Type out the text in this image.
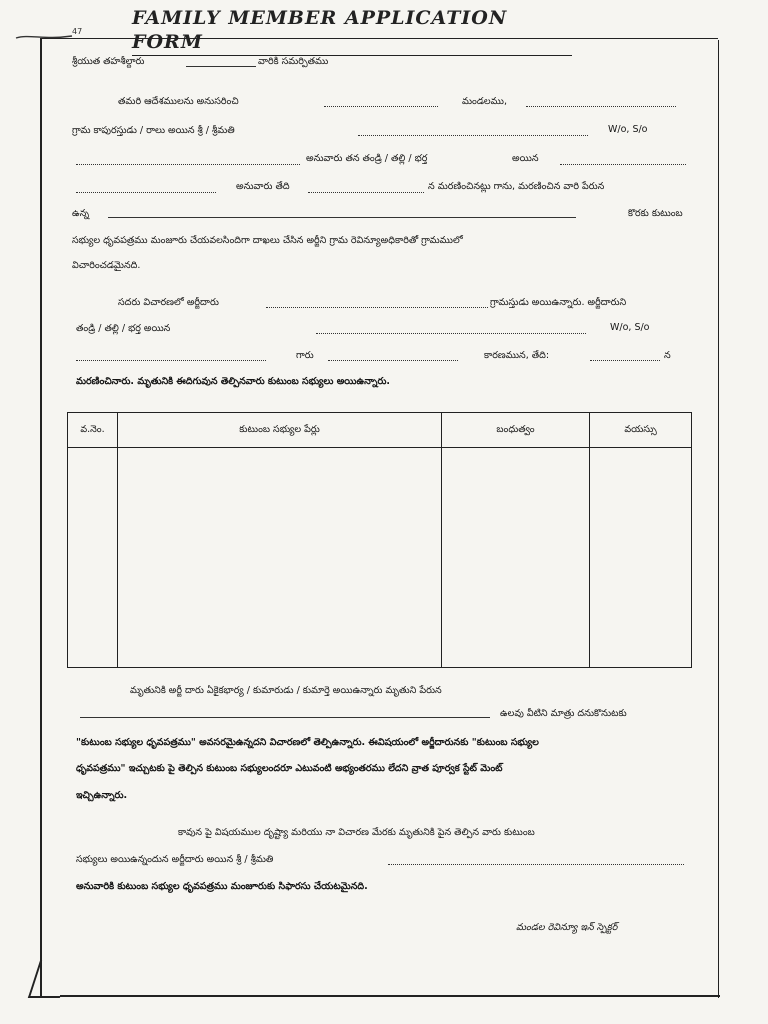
FAMILY MEMBER APPLICATION FORM
47
శ్రీయుత తహశీల్దారు	వారికి సమర్పితము
తమరి ఆదేశములను అనుసరించి	మండలము,
గ్రామ కాపురస్తుడు / రాలు అయిన శ్రీ / శ్రీమతి	W/o, S/o
అనువారు తన తండ్రి / తల్లి / భర్త	అయిన
అనువారు తేది	న మరణించినట్లు గాను, మరణించిన వారి పేరున
ఉన్న	కొరకు కుటుంబ
సభ్యుల ధృవపత్రము మంజూరు చేయవలసిందిగా దాఖలు చేసిన అర్జీని గ్రామ రెవిన్యూఅధికారితో గ్రామములో
విచారించడమైనది.
సదరు విచారణలో అర్జీదారు	గ్రామస్తుడు అయిఉన్నారు. అర్జీదారుని
తండ్రి / తల్లి / భర్త అయిన	W/o, S/o
గారు	కారణమున, తేది:	న
మరణించినారు. మృతునికి ఈదిగువున తెల్పినవారు కుటుంబ సభ్యులు అయిఉన్నారు.
వ.నెం.	కుటుంబ సభ్యుల పేర్లు	బంధుత్వం	వయస్సు

మృతునికి అర్జీ దారు ఏకైకభార్య / కుమారుడు / కుమార్తె అయిఉన్నారు మృతుని పేరున
ఉలవు వీటిని మాత్రు దనుకొనుటకు
"కుటుంబ సభ్యుల ధృవపత్రము" అవసరమైఉన్నదని విచారణలో తెల్పిఉన్నారు. ఈవిషయంలో అర్జీదారునకు "కుటుంబ సభ్యుల
ధృవపత్రము" ఇచ్చుటకు పై తెల్పిన కుటుంబ సభ్యులందరూ ఎటువంటి అభ్యంతరము లేదని వ్రాత పూర్వక స్టేట్ మెంట్
ఇచ్చిఉన్నారు.
కావున పై విషయముల దృష్ట్యా మరియు నా విచారణ మేరకు మృతునికి పైన తెల్పిన వారు కుటుంబ
సభ్యులు అయిఉన్నందున అర్జీదారు అయిన శ్రీ / శ్రీమతి
అనువారికి కుటుంబ సభ్యుల ధృవపత్రము మంజూరుకు సిఫారసు చేయటమైనది.
మండల రెవిన్యూ ఇన్ స్పెక్టర్
